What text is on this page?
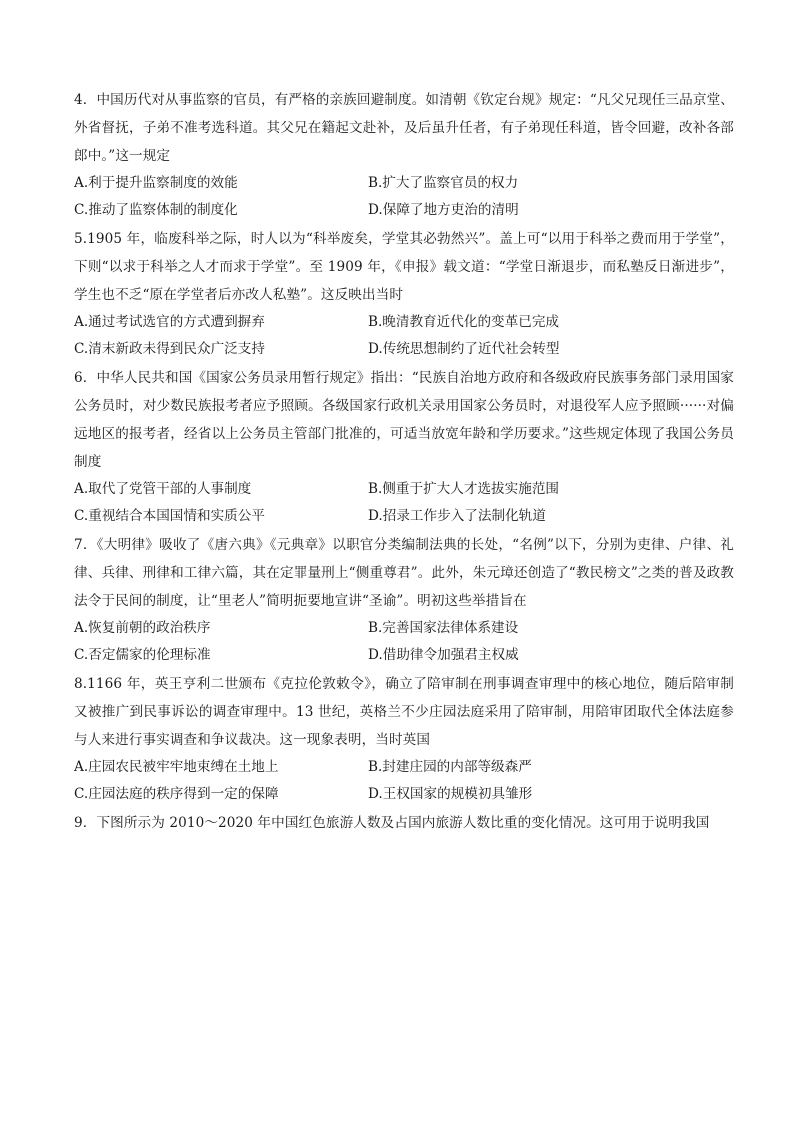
4．中国历代对从事监察的官员，有严格的亲族回避制度。如清朝《钦定台规》规定：“凡父兄现任三品京堂、外省督抚，子弟不准考选科道。其父兄在籍起文赴补，及后虽升任者，有子弟现任科道，皆令回避，改补各部郎中。”这一规定

A.利于提升监察制度的效能	B.扩大了监察官员的权力
C.推动了监察体制的制度化	D.保障了地方吏治的清明

5.1905 年，临废科举之际，时人以为“科举废矣，学堂其必勃然兴”。盖上可“以用于科举之费而用于学堂”，下则“以求于科举之人才而求于学堂”。至 1909 年，《申报》载文道：“学堂日渐退步，而私塾反日渐进步”，学生也不乏“原在学堂者后亦改人私塾”。这反映出当时

A.通过考试选官的方式遭到摒弃	B.晚清教育近代化的变革已完成
C.清末新政未得到民众广泛支持	D.传统思想制约了近代社会转型

6．中华人民共和国《国家公务员录用暂行规定》指出：“民族自治地方政府和各级政府民族事务部门录用国家公务员时，对少数民族报考者应予照顾。各级国家行政机关录用国家公务员时，对退役军人应予照顾······对偏远地区的报考者，经省以上公务员主管部门批准的，可适当放宽年龄和学历要求。”这些规定体现了我国公务员制度

A.取代了党管干部的人事制度	B.侧重于扩大人才选拔实施范围
C.重视结合本国国情和实质公平	D.招录工作步入了法制化轨道

7．《大明律》吸收了《唐六典》《元典章》以职官分类编制法典的长处，“名例”以下，分别为吏律、户律、礼律、兵律、刑律和工律六篇，其在定罪量刑上“侧重尊君”。此外，朱元璋还创造了“教民榜文”之类的普及政教法令于民间的制度，让“里老人”简明扼要地宣讲“圣谕”。明初这些举措旨在

A.恢复前朝的政治秩序	B.完善国家法律体系建设
C.否定儒家的伦理标准	D.借助律令加强君主权威

8.1166 年，英王亨利二世颁布《克拉伦敦敕令》，确立了陪审制在刑事调查审理中的核心地位，随后陪审制又被推广到民事诉讼的调查审理中。13 世纪，英格兰不少庄园法庭采用了陪审制，用陪审团取代全体法庭参与人来进行事实调查和争议裁决。这一现象表明，当时英国

A.庄园农民被牢牢地束缚在土地上	B.封建庄园的内部等级森严
C.庄园法庭的秩序得到一定的保障	D.王权国家的规模初具雏形

9．下图所示为 2010～2020 年中国红色旅游人数及占国内旅游人数比重的变化情况。这可用于说明我国
